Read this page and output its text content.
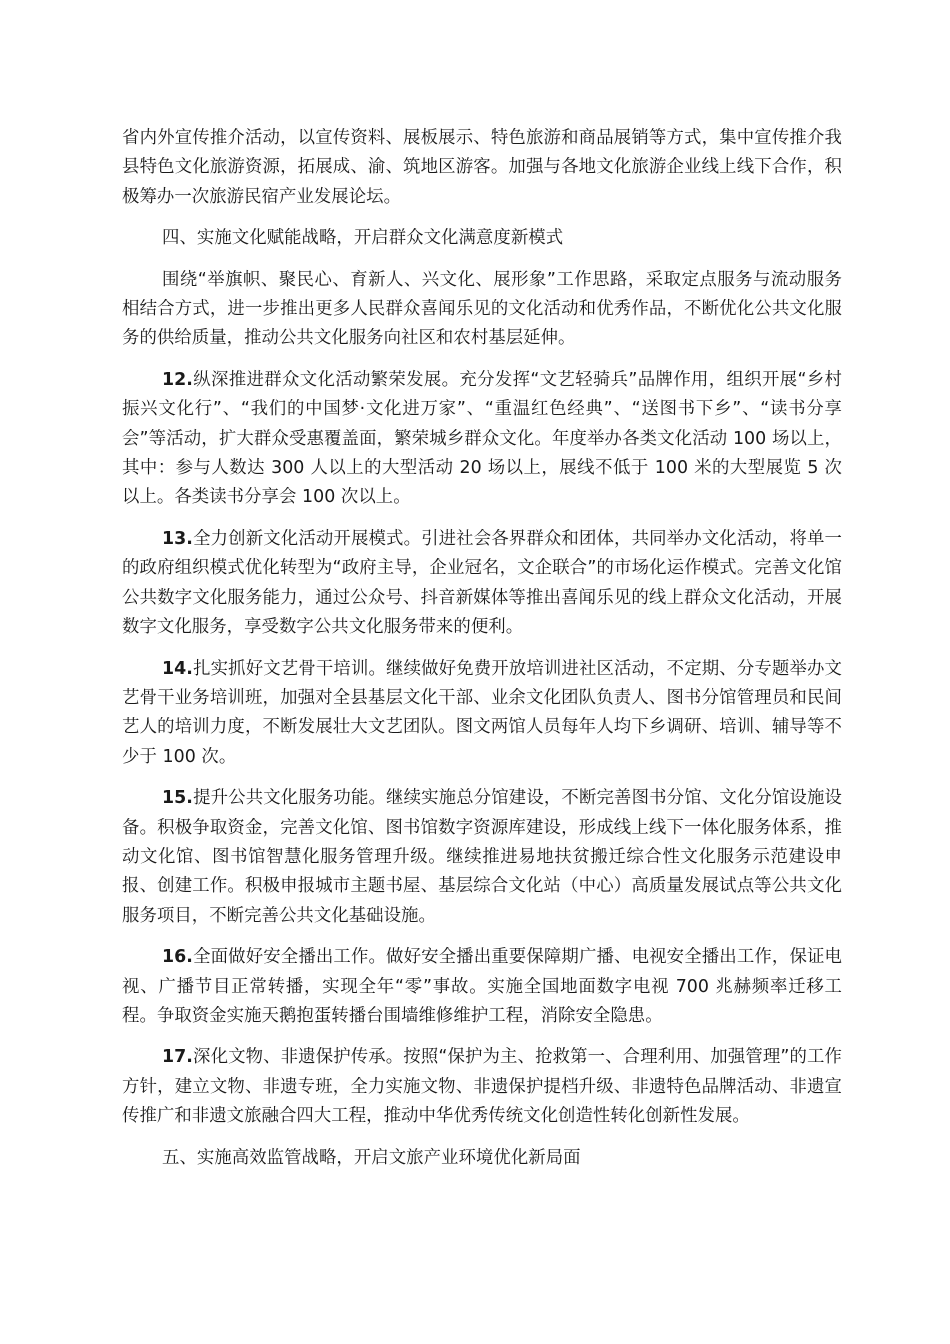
省内外宣传推介活动，以宣传资料、展板展示、特色旅游和商品展销等方式，集中宣传推介我县特色文化旅游资源，拓展成、渝、筑地区游客。加强与各地文化旅游企业线上线下合作，积极筹办一次旅游民宿产业发展论坛。

四、实施文化赋能战略，开启群众文化满意度新模式

围绕“举旗帜、聚民心、育新人、兴文化、展形象”工作思路，采取定点服务与流动服务相结合方式，进一步推出更多人民群众喜闻乐见的文化活动和优秀作品，不断优化公共文化服务的供给质量，推动公共文化服务向社区和农村基层延伸。

12.纵深推进群众文化活动繁荣发展。充分发挥“文艺轻骑兵”品牌作用，组织开展“乡村振兴文化行”、“我们的中国梦·文化进万家”、“重温红色经典”、“送图书下乡”、“读书分享会”等活动，扩大群众受惠覆盖面，繁荣城乡群众文化。年度举办各类文化活动 100 场以上，其中：参与人数达 300 人以上的大型活动 20 场以上，展线不低于 100 米的大型展览 5 次以上。各类读书分享会 100 次以上。

13.全力创新文化活动开展模式。引进社会各界群众和团体，共同举办文化活动，将单一的政府组织模式优化转型为“政府主导，企业冠名，文企联合”的市场化运作模式。完善文化馆公共数字文化服务能力，通过公众号、抖音新媒体等推出喜闻乐见的线上群众文化活动，开展数字文化服务，享受数字公共文化服务带来的便利。

14.扎实抓好文艺骨干培训。继续做好免费开放培训进社区活动，不定期、分专题举办文艺骨干业务培训班，加强对全县基层文化干部、业余文化团队负责人、图书分馆管理员和民间艺人的培训力度，不断发展壮大文艺团队。图文两馆人员每年人均下乡调研、培训、辅导等不少于 100 次。

15.提升公共文化服务功能。继续实施总分馆建设，不断完善图书分馆、文化分馆设施设备。积极争取资金，完善文化馆、图书馆数字资源库建设，形成线上线下一体化服务体系，推动文化馆、图书馆智慧化服务管理升级。继续推进易地扶贫搬迁综合性文化服务示范建设申报、创建工作。积极申报城市主题书屋、基层综合文化站（中心）高质量发展试点等公共文化服务项目，不断完善公共文化基础设施。

16.全面做好安全播出工作。做好安全播出重要保障期广播、电视安全播出工作，保证电视、广播节目正常转播，实现全年“零”事故。实施全国地面数字电视 700 兆赫频率迁移工程。争取资金实施天鹅抱蛋转播台围墙维修维护工程，消除安全隐患。

17.深化文物、非遗保护传承。按照“保护为主、抢救第一、合理利用、加强管理”的工作方针，建立文物、非遗专班，全力实施文物、非遗保护提档升级、非遗特色品牌活动、非遗宣传推广和非遗文旅融合四大工程，推动中华优秀传统文化创造性转化创新性发展。

五、实施高效监管战略，开启文旅产业环境优化新局面
